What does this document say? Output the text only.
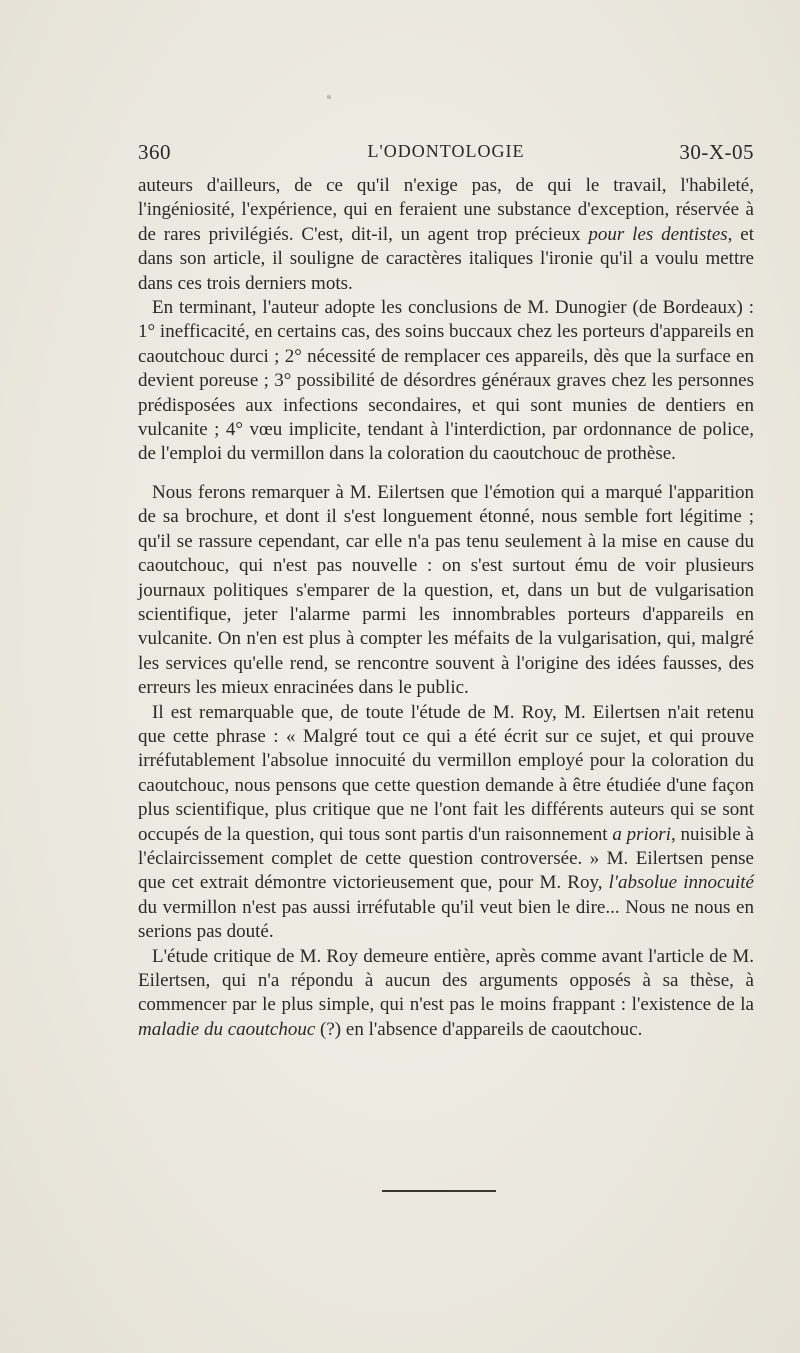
360	L'ODONTOLOGIE	30-X-05

auteurs d'ailleurs, de ce qu'il n'exige pas, de qui le travail, l'habileté, l'ingéniosité, l'expérience, qui en feraient une substance d'exception, réservée à de rares privilégiés. C'est, dit-il, un agent trop précieux pour les dentistes, et dans son article, il souligne de caractères italiques l'ironie qu'il a voulu mettre dans ces trois derniers mots.

En terminant, l'auteur adopte les conclusions de M. Dunogier (de Bordeaux) : 1° inefficacité, en certains cas, des soins buccaux chez les porteurs d'appareils en caoutchouc durci ; 2° nécessité de remplacer ces appareils, dès que la surface en devient poreuse ; 3° possibilité de désordres généraux graves chez les personnes prédisposées aux infections secondaires, et qui sont munies de dentiers en vulcanite ; 4° vœu implicite, tendant à l'interdiction, par ordonnance de police, de l'emploi du vermillon dans la coloration du caoutchouc de prothèse.

Nous ferons remarquer à M. Eilertsen que l'émotion qui a marqué l'apparition de sa brochure, et dont il s'est longuement étonné, nous semble fort légitime ; qu'il se rassure cependant, car elle n'a pas tenu seulement à la mise en cause du caoutchouc, qui n'est pas nouvelle : on s'est surtout ému de voir plusieurs journaux politiques s'emparer de la question, et, dans un but de vulgarisation scientifique, jeter l'alarme parmi les innombrables porteurs d'appareils en vulcanite. On n'en est plus à compter les méfaits de la vulgarisation, qui, malgré les services qu'elle rend, se rencontre souvent à l'origine des idées fausses, des erreurs les mieux enracinées dans le public.

Il est remarquable que, de toute l'étude de M. Roy, M. Eilertsen n'ait retenu que cette phrase : « Malgré tout ce qui a été écrit sur ce sujet, et qui prouve irréfutablement l'absolue innocuité du vermillon employé pour la coloration du caoutchouc, nous pensons que cette question demande à être étudiée d'une façon plus scientifique, plus critique que ne l'ont fait les différents auteurs qui se sont occupés de la question, qui tous sont partis d'un raisonnement a priori, nuisible à l'éclaircissement complet de cette question controversée. » M. Eilertsen pense que cet extrait démontre victorieusement que, pour M. Roy, l'absolue innocuité du vermillon n'est pas aussi irréfutable qu'il veut bien le dire... Nous ne nous en serions pas douté.

L'étude critique de M. Roy demeure entière, après comme avant l'article de M. Eilertsen, qui n'a répondu à aucun des arguments opposés à sa thèse, à commencer par le plus simple, qui n'est pas le moins frappant : l'existence de la maladie du caoutchouc (?) en l'absence d'appareils de caoutchouc.
